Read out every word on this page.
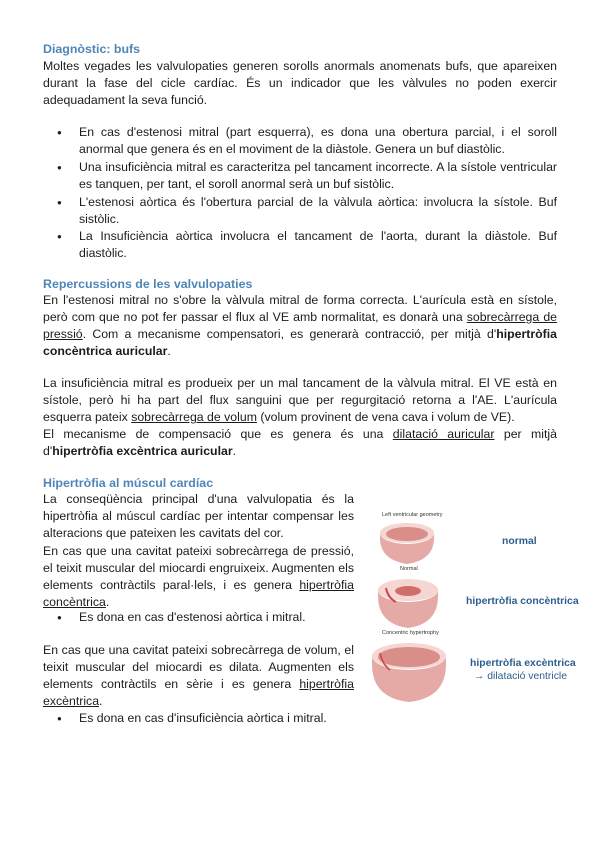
Diagnòstic: bufs
Moltes vegades les valvulopaties generen sorolls anormals anomenats bufs, que apareixen durant la fase del cicle cardíac. És un indicador que les vàlvules no poden exercir adequadament la seva funció.
● En cas d'estenosi mitral (part esquerra), es dona una obertura parcial, i el soroll anormal que genera és en el moviment de la diàstole. Genera un buf diastòlic.
● Una insuficiència mitral es caracteritza pel tancament incorrecte. A la sístole ventricular es tanquen, per tant, el soroll anormal serà un buf sistòlic.
● L'estenosi aòrtica és l'obertura parcial de la vàlvula aòrtica: involucra la sístole. Buf sistòlic.
● La Insuficiència aòrtica involucra el tancament de l'aorta, durant la diàstole. Buf diastòlic.
Repercussions de les valvulopaties
En l'estenosi mitral no s'obre la vàlvula mitral de forma correcta. L'aurícula està en sístole, però com que no pot fer passar el flux al VE amb normalitat, es donarà una sobrecàrrega de pressió. Com a mecanisme compensatori, es generarà contracció, per mitjà d'hipertròfia concèntrica auricular.
La insuficiència mitral es produeix per un mal tancament de la vàlvula mitral. El VE està en sístole, però hi ha part del flux sanguini que per regurgitació retorna a l'AE. L'aurícula esquerra pateix sobrecàrrega de volum (volum provinent de vena cava i volum de VE).
El mecanisme de compensació que es genera és una dilatació auricular per mitjà d'hipertròfia excèntrica auricular.
Hipertròfia al múscul cardíac
La conseqüència principal d'una valvulopatia és la hipertròfia al múscul cardíac per intentar compensar les alteracions que pateixen les cavitats del cor.
En cas que una cavitat pateixi sobrecàrrega de pressió, el teixit muscular del miocardi engruixeix. Augmenten els elements contràctils paral·lels, i es genera hipertròfia concèntrica.
● Es dona en cas d'estenosi aòrtica i mitral.
En cas que una cavitat pateixi sobrecàrrega de volum, el teixit muscular del miocardi es dilata. Augmenten els elements contràctils en sèrie i es genera hipertròfia excèntrica.
● Es dona en cas d'insuficiència aòrtica i mitral.
Left ventricular geometry
Normal
Concentric hypertrophy
normal
hipertròfia concèntrica
hipertròfia excèntrica
→ dilatació ventricle
